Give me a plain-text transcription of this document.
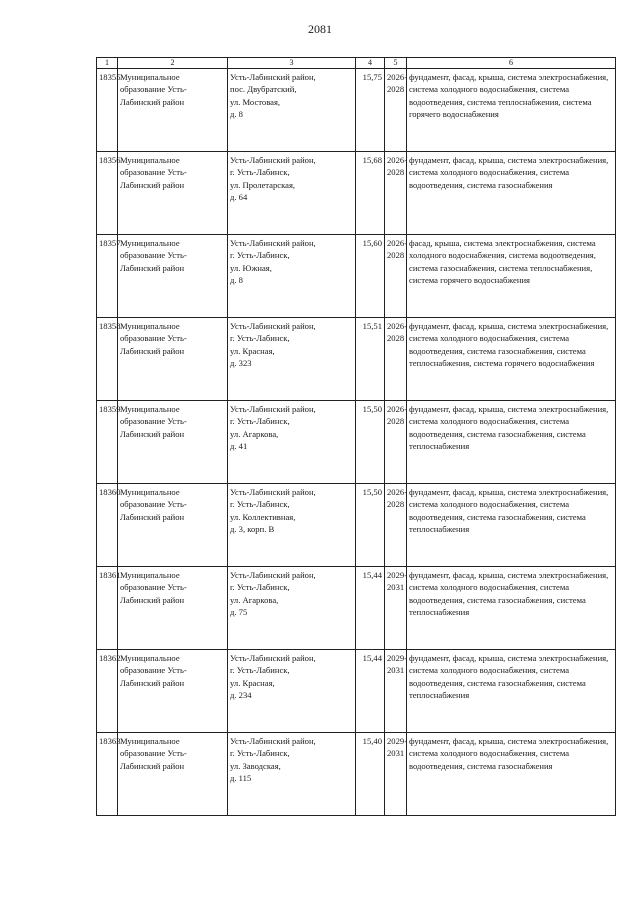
2081
1	2	3	4	5	6
18355	Муниципальное образование Усть-Лабинский район	Усть-Лабинский район,
пос. Двубратский,
ул. Мостовая,
д. 8	15,75	2026-
2028	фундамент, фасад, крыша, система электроснабжения, система холодного водоснабжения, система водоотведения, система теплоснабжения, система горячего водоснабжения
18356	Муниципальное образование Усть-Лабинский район	Усть-Лабинский район,
г. Усть-Лабинск,
ул. Пролетарская,
д. 64	15,68	2026-
2028	фундамент, фасад, крыша, система электроснабжения, система холодного водоснабжения, система водоотведения, система газоснабжения
18357	Муниципальное образование Усть-Лабинский район	Усть-Лабинский район,
г. Усть-Лабинск,
ул. Южная,
д. 8	15,60	2026-
2028	фасад, крыша, система электроснабжения, система холодного водоснабжения, система водоотведения, система газоснабжения, система теплоснабжения, система горячего водоснабжения
18358	Муниципальное образование Усть-Лабинский район	Усть-Лабинский район,
г. Усть-Лабинск,
ул. Красная,
д. 323	15,51	2026-
2028	фундамент, фасад, крыша, система электроснабжения, система холодного водоснабжения, система водоотведения, система газоснабжения, система теплоснабжения, система горячего водоснабжения
18359	Муниципальное образование Усть-Лабинский район	Усть-Лабинский район,
г. Усть-Лабинск,
ул. Агаркова,
д. 41	15,50	2026-
2028	фундамент, фасад, крыша, система электроснабжения, система холодного водоснабжения, система водоотведения, система газоснабжения, система теплоснабжения
18360	Муниципальное образование Усть-Лабинский район	Усть-Лабинский район,
г. Усть-Лабинск,
ул. Коллективная,
д. 3, корп. В	15,50	2026-
2028	фундамент, фасад, крыша, система электроснабжения, система холодного водоснабжения, система водоотведения, система газоснабжения, система теплоснабжения
18361	Муниципальное образование Усть-Лабинский район	Усть-Лабинский район,
г. Усть-Лабинск,
ул. Агаркова,
д. 75	15,44	2029-
2031	фундамент, фасад, крыша, система электроснабжения, система холодного водоснабжения, система водоотведения, система газоснабжения, система теплоснабжения
18362	Муниципальное образование Усть-Лабинский район	Усть-Лабинский район,
г. Усть-Лабинск,
ул. Красная,
д. 234	15,44	2029-
2031	фундамент, фасад, крыша, система электроснабжения, система холодного водоснабжения, система водоотведения, система газоснабжения, система теплоснабжения
18363	Муниципальное образование Усть-Лабинский район	Усть-Лабинский район,
г. Усть-Лабинск,
ул. Заводская,
д. 115	15,40	2029-
2031	фундамент, фасад, крыша, система электроснабжения, система холодного водоснабжения, система водоотведения, система газоснабжения
